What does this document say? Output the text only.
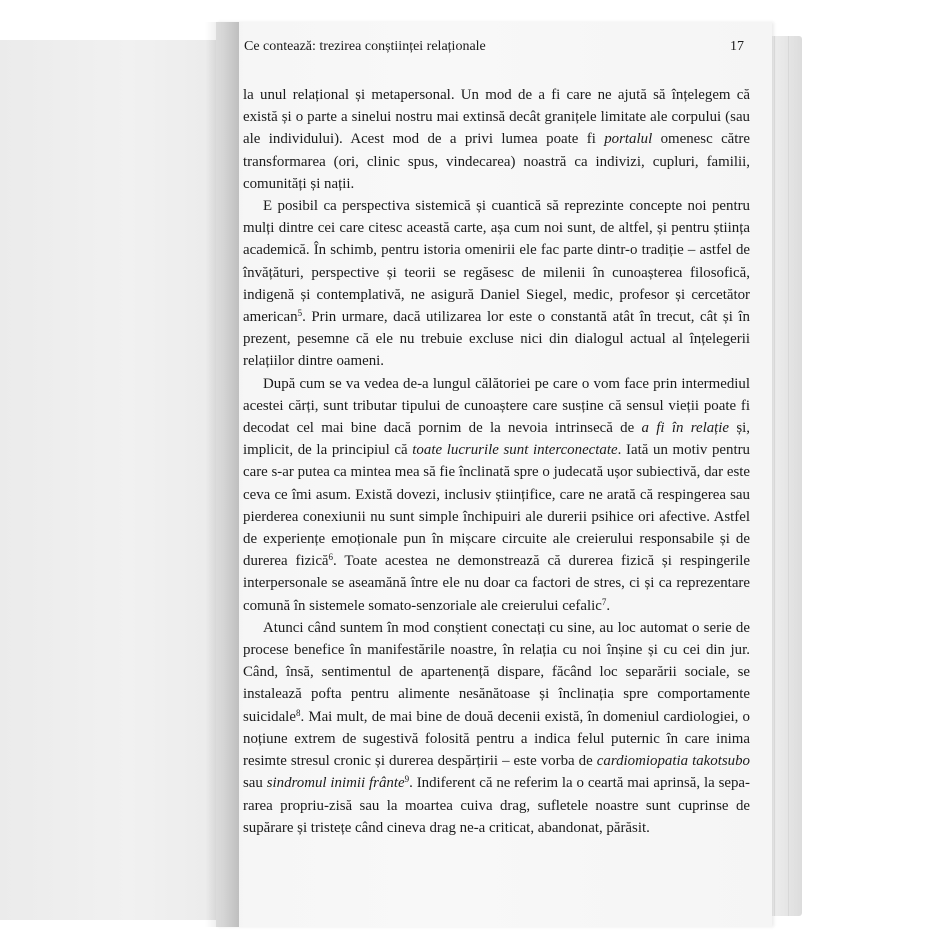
Ce contează: trezirea conștiinței relaționale	17

la unul relațional și metapersonal. Un mod de a fi care ne ajută să înțelegem că există și o parte a sinelui nostru mai extinsă decât granițele limitate ale corpului (sau ale individului). Acest mod de a privi lumea poate fi portalul omenesc către transformarea (ori, clinic spus, vindecarea) noastră ca indivizi, cupluri, familii, comunități și nații.

E posibil ca perspectiva sistemică și cuantică să reprezinte concepte noi pentru mulți dintre cei care citesc această carte, așa cum noi sunt, de altfel, și pentru știința academică. În schimb, pentru istoria omenirii ele fac parte dintr-o tradiție – astfel de învățături, perspective și teorii se regăsesc de milenii în cunoașterea filosofică, indigenă și contemplativă, ne asigură Daniel Siegel, medic, profesor și cercetător american$^5$. Prin urmare, dacă utilizarea lor este o constantă atât în trecut, cât și în prezent, pesemne că ele nu trebuie excluse nici din dialogul actual al înțelegerii relațiilor dintre oameni.

După cum se va vedea de-a lungul călătoriei pe care o vom face prin intermediul acestei cărți, sunt tributar tipului de cunoaștere care susține că sensul vieții poate fi decodat cel mai bine dacă pornim de la nevoia intrinsecă de a fi în relație și, implicit, de la principiul că toate lucrurile sunt interconectate. Iată un motiv pentru care s-ar putea ca mintea mea să fie înclinată spre o judecată ușor subiectivă, dar este ceva ce îmi asum. Există dovezi, inclusiv științifice, care ne arată că respingerea sau pierderea conexiunii nu sunt simple închipuiri ale durerii psihice ori afective. Astfel de experiențe emoționale pun în mișcare circuite ale creierului responsabile și de durerea fizică$^6$. Toate acestea ne demonstrează că durerea fizică și respingerile interpersonale se aseamănă între ele nu doar ca factori de stres, ci și ca reprezentare comună în sistemele somato-senzoriale ale creierului cefalic$^7$.

Atunci când suntem în mod conștient conectați cu sine, au loc automat o serie de procese benefice în manifestările noastre, în relația cu noi înșine și cu cei din jur. Când, însă, sentimentul de apartenență dispare, făcând loc separării sociale, se instalează pofta pentru alimente nesănătoase și înclinația spre comportamente suicidale$^8$. Mai mult, de mai bine de două decenii există, în domeniul cardiologiei, o noțiune extrem de sugestivă folosită pentru a indica felul puternic în care inima resimte stresul cronic și durerea despărțirii – este vorba de cardiomiopatia takotsubo sau sindromul inimii frânte$^9$. Indiferent că ne referim la o ceartă mai aprinsă, la separarea propriu-zisă sau la moartea cuiva drag, sufletele noastre sunt cuprinse de supărare și tristețe când cineva drag ne-a criticat, abandonat, părăsit.
